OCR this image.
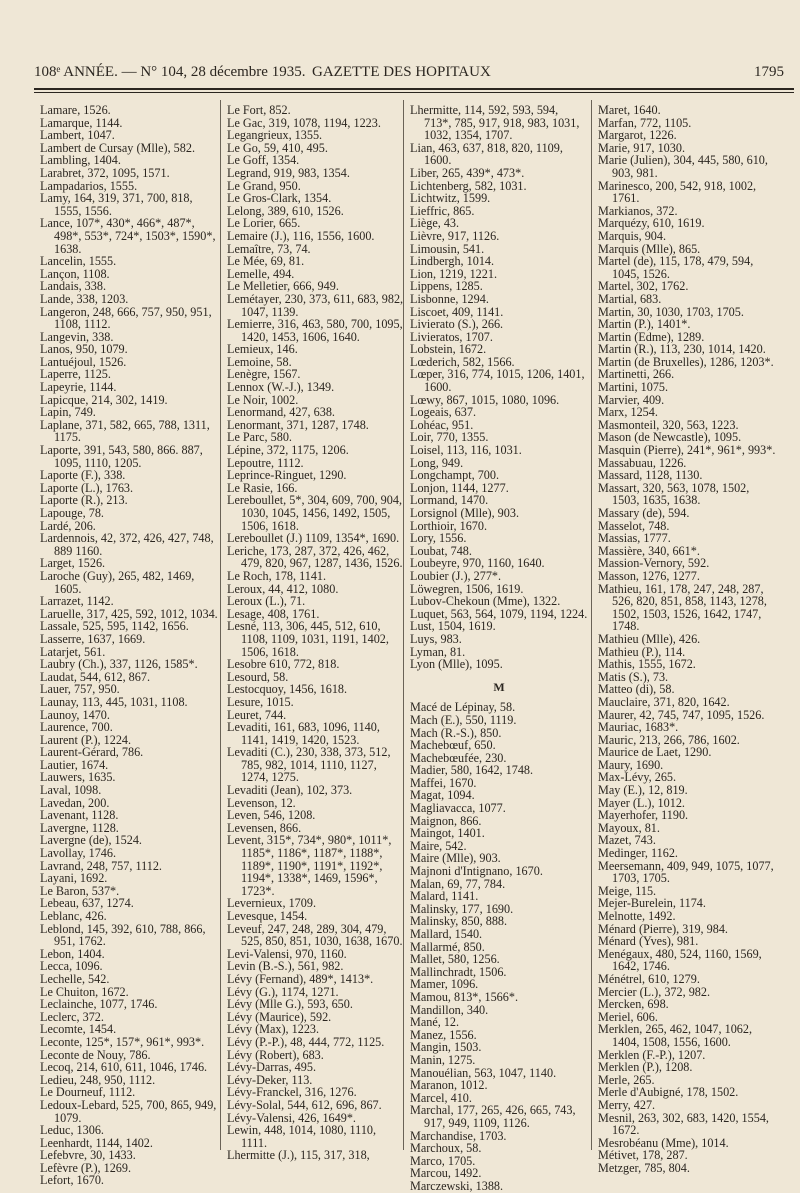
108ᵉ ANNÉE. — N° 104, 28 décembre 1935. GAZETTE DES HOPITAUX	1795

Lamare, 1526.

Lamarque, 1144.

Lambert, 1047.

Lambert de Cursay (Mlle), 582.

Lambling, 1404.

Larabret, 372, 1095, 1571.

Lampadarios, 1555.

Lamy, 164, 319, 371, 700, 818, 1555, 1556.

Lance, 107*, 430*, 466*, 487*, 498*, 553*, 724*, 1503*, 1590*, 1638.

Lancelin, 1555.

Lançon, 1108.

Landais, 338.

Lande, 338, 1203.

Langeron, 248, 666, 757, 950, 951, 1108, 1112.

Langevin, 338.

Lanos, 950, 1079.

Lantuéjoul, 1526.

Laperre, 1125.

Lapeyrie, 1144.

Lapicque, 214, 302, 1419.

Lapin, 749.

Laplane, 371, 582, 665, 788, 1311, 1175.

Laporte, 391, 543, 580, 866. 887, 1095, 1110, 1205.

Laporte (F.), 338.

Laporte (L.), 1763.

Laporte (R.), 213.

Lapouge, 78.

Lardé, 206.

Lardennois, 42, 372, 426, 427, 748, 889 1160.

Larget, 1526.

Laroche (Guy), 265, 482, 1469, 1605.

Larrazet, 1142.

Laruelle, 317, 425, 592, 1012, 1034.

Lassale, 525, 595, 1142, 1656.

Lasserre, 1637, 1669.

Latarjet, 561.

Laubry (Ch.), 337, 1126, 1585*.

Laudat, 544, 612, 867.

Lauer, 757, 950.

Launay, 113, 445, 1031, 1108.

Launoy, 1470.

Laurence, 700.

Laurent (P.), 1224.

Laurent-Gérard, 786.

Lautier, 1674.

Lauwers, 1635.

Laval, 1098.

Lavedan, 200.

Lavenant, 1128.

Lavergne, 1128.

Lavergne (de), 1524.

Lavollay, 1746.

Lavrand, 248, 757, 1112.

Layani, 1692.

Le Baron, 537*.

Lebeau, 637, 1274.

Leblanc, 426.

Leblond, 145, 392, 610, 788, 866, 951, 1762.

Lebon, 1404.

Lecca, 1096.

Lechelle, 542.

Le Chuiton, 1672.

Leclainche, 1077, 1746.

Leclerc, 372.

Lecomte, 1454.

Leconte, 125*, 157*, 961*, 993*.

Leconte de Nouy, 786.

Lecoq, 214, 610, 611, 1046, 1746.

Ledieu, 248, 950, 1112.

Le Dourneuf, 1112.

Ledoux-Lebard, 525, 700, 865, 949, 1079.

Leduc, 1306.

Leenhardt, 1144, 1402.

Lefebvre, 30, 1433.

Lefèvre (P.), 1269.

Lefort, 1670.

Le Fort, 852.

Le Gac, 319, 1078, 1194, 1223.

Legangrieux, 1355.

Le Go, 59, 410, 495.

Le Goff, 1354.

Legrand, 919, 983, 1354.

Le Grand, 950.

Le Gros-Clark, 1354.

Lelong, 389, 610, 1526.

Le Lorier, 665.

Lemaire (J.), 116, 1556, 1600.

Lemaître, 73, 74.

Le Mée, 69, 81.

Lemelle, 494.

Le Melletier, 666, 949.

Lemétayer, 230, 373, 611, 683, 982, 1047, 1139.

Lemierre, 316, 463, 580, 700, 1095, 1420, 1453, 1606, 1640.

Lemieux, 146.

Lemoine, 58.

Lenègre, 1567.

Lennox (W.-J.), 1349.

Le Noir, 1002.

Lenormand, 427, 638.

Lenormant, 371, 1287, 1748.

Le Parc, 580.

Lépine, 372, 1175, 1206.

Lepoutre, 1112.

Leprince-Ringuet, 1290.

Le Rasie, 166.

Lereboullet, 5*, 304, 609, 700, 904, 1030, 1045, 1456, 1492, 1505, 1506, 1618.

Lereboullet (J.) 1109, 1354*, 1690.

Leriche, 173, 287, 372, 426, 462, 479, 820, 967, 1287, 1436, 1526.

Le Roch, 178, 1141.

Leroux, 44, 412, 1080.

Leroux (L.), 71.

Lesage, 408, 1761.

Lesné, 113, 306, 445, 512, 610, 1108, 1109, 1031, 1191, 1402, 1506, 1618.

Lesobre 610, 772, 818.

Lesourd, 58.

Lestocquoy, 1456, 1618.

Lesure, 1015.

Leuret, 744.

Levaditi, 161, 683, 1096, 1140, 1141, 1419, 1420, 1523.

Levaditi (C.), 230, 338, 373, 512, 785, 982, 1014, 1110, 1127, 1274, 1275.

Levaditi (Jean), 102, 373.

Levenson, 12.

Leven, 546, 1208.

Levensen, 866.

Levent, 315*, 734*, 980*, 1011*, 1185*, 1186*, 1187*, 1188*, 1189*, 1190*, 1191*, 1192*, 1194*, 1338*, 1469, 1596*, 1723*.

Levernieux, 1709.

Levesque, 1454.

Leveuf, 247, 248, 289, 304, 479, 525, 850, 851, 1030, 1638, 1670.

Levi-Valensi, 970, 1160.

Levin (B.-S.), 561, 982.

Lévy (Fernand), 489*, 1413*.

Lévy (G.), 1174, 1271.

Lévy (Mlle G.), 593, 650.

Lévy (Maurice), 592.

Lévy (Max), 1223.

Lévy (P.-P.), 48, 444, 772, 1125.

Lévy (Robert), 683.

Lévy-Darras, 495.

Lévy-Deker, 113.

Lévy-Franckel, 316, 1276.

Lévy-Solal, 544, 612, 696, 867.

Lévy-Valensi, 426, 1649*.

Lewin, 448, 1014, 1080, 1110, 1111.

Lhermitte (J.), 115, 317, 318,

Lhermitte, 114, 592, 593, 594, 713*, 785, 917, 918, 983, 1031, 1032, 1354, 1707.

Lian, 463, 637, 818, 820, 1109, 1600.

Liber, 265, 439*, 473*.

Lichtenberg, 582, 1031.

Lichtwitz, 1599.

Lieffric, 865.

Liège, 43.

Lièvre, 917, 1126.

Limousin, 541.

Lindbergh, 1014.

Lion, 1219, 1221.

Lippens, 1285.

Lisbonne, 1294.

Liscoet, 409, 1141.

Livierato (S.), 266.

Livieratos, 1707.

Lobstein, 1672.

Lœderich, 582, 1566.

Lœper, 316, 774, 1015, 1206, 1401, 1600.

Lœwy, 867, 1015, 1080, 1096.

Logeais, 637.

Lohéac, 951.

Loir, 770, 1355.

Loisel, 113, 116, 1031.

Long, 949.

Longchampt, 700.

Lonjon, 1144, 1277.

Lormand, 1470.

Lorsignol (Mlle), 903.

Lorthioir, 1670.

Lory, 1556.

Loubat, 748.

Loubeyre, 970, 1160, 1640.

Loubier (J.), 277*.

Löwegren, 1506, 1619.

Lubov-Chekoun (Mme), 1322.

Luquet, 563, 564, 1079, 1194, 1224.

Lust, 1504, 1619.

Luys, 983.

Lyman, 81.

Lyon (Mlle), 1095.

M

Macé de Lépinay, 58.

Mach (E.), 550, 1119.

Mach (R.-S.), 850.

Machebœuf, 650.

Machebœufée, 230.

Madier, 580, 1642, 1748.

Maffei, 1670.

Magat, 1094.

Magliavacca, 1077.

Maignon, 866.

Maingot, 1401.

Maire, 542.

Maire (Mlle), 903.

Majnoni d'Intignano, 1670.

Malan, 69, 77, 784.

Malard, 1141.

Malinsky, 177, 1690.

Malinsky, 850, 888.

Mallard, 1540.

Mallarmé, 850.

Mallet, 580, 1256.

Mallinchradt, 1506.

Mamer, 1096.

Mamou, 813*, 1566*.

Mandillon, 340.

Mané, 12.

Manez, 1556.

Mangin, 1503.

Manin, 1275.

Manouélian, 563, 1047, 1140.

Maranon, 1012.

Marcel, 410.

Marchal, 177, 265, 426, 665, 743, 917, 949, 1109, 1126.

Marchandise, 1703.

Marchoux, 58.

Marco, 1705.

Marcou, 1492.

Marczewski, 1388.

Maret, 1640.

Marfan, 772, 1105.

Margarot, 1226.

Marie, 917, 1030.

Marie (Julien), 304, 445, 580, 610, 903, 981.

Marinesco, 200, 542, 918, 1002, 1761.

Markianos, 372.

Marquézy, 610, 1619.

Marquis, 904.

Marquis (Mlle), 865.

Martel (de), 115, 178, 479, 594, 1045, 1526.

Martel, 302, 1762.

Martial, 683.

Martin, 30, 1030, 1703, 1705.

Martin (P.), 1401*.

Martin (Edme), 1289.

Martin (R.), 113, 230, 1014, 1420.

Martin (de Bruxelles), 1286, 1203*.

Martinetti, 266.

Martini, 1075.

Marvier, 409.

Marx, 1254.

Masmonteil, 320, 563, 1223.

Mason (de Newcastle), 1095.

Masquin (Pierre), 241*, 961*, 993*.

Massabuau, 1226.

Massard, 1128, 1130.

Massart, 320, 563, 1078, 1502, 1503, 1635, 1638.

Massary (de), 594.

Masselot, 748.

Massias, 1777.

Massière, 340, 661*.

Massion-Vernory, 592.

Masson, 1276, 1277.

Mathieu, 161, 178, 247, 248, 287, 526, 820, 851, 858, 1143, 1278, 1502, 1503, 1526, 1642, 1747, 1748.

Mathieu (Mlle), 426.

Mathieu (P.), 114.

Mathis, 1555, 1672.

Matis (S.), 73.

Matteo (di), 58.

Mauclaire, 371, 820, 1642.

Maurer, 42, 745, 747, 1095, 1526.

Mauriac, 1683*.

Mauric, 213, 266, 786, 1602.

Maurice de Laet, 1290.

Maury, 1690.

Max-Lévy, 265.

May (E.), 12, 819.

Mayer (L.), 1012.

Mayerhofer, 1190.

Mayoux, 81.

Mazet, 743.

Medinger, 1162.

Meersemann, 409, 949, 1075, 1077, 1703, 1705.

Meige, 115.

Mejer-Burelein, 1174.

Melnotte, 1492.

Ménard (Pierre), 319, 984.

Ménard (Yves), 981.

Menégaux, 480, 524, 1160, 1569, 1642, 1746.

Ménétrel, 610, 1279.

Mercier (L.), 372, 982.

Mercken, 698.

Meriel, 606.

Merklen, 265, 462, 1047, 1062, 1404, 1508, 1556, 1600.

Merklen (F.-P.), 1207.

Merklen (P.), 1208.

Merle, 265.

Merle d'Aubigné, 178, 1502.

Merry, 427.

Mesnil, 263, 302, 683, 1420, 1554, 1672.

Mesrobéanu (Mme), 1014.

Métivet, 178, 287.

Metzger, 785, 804.
